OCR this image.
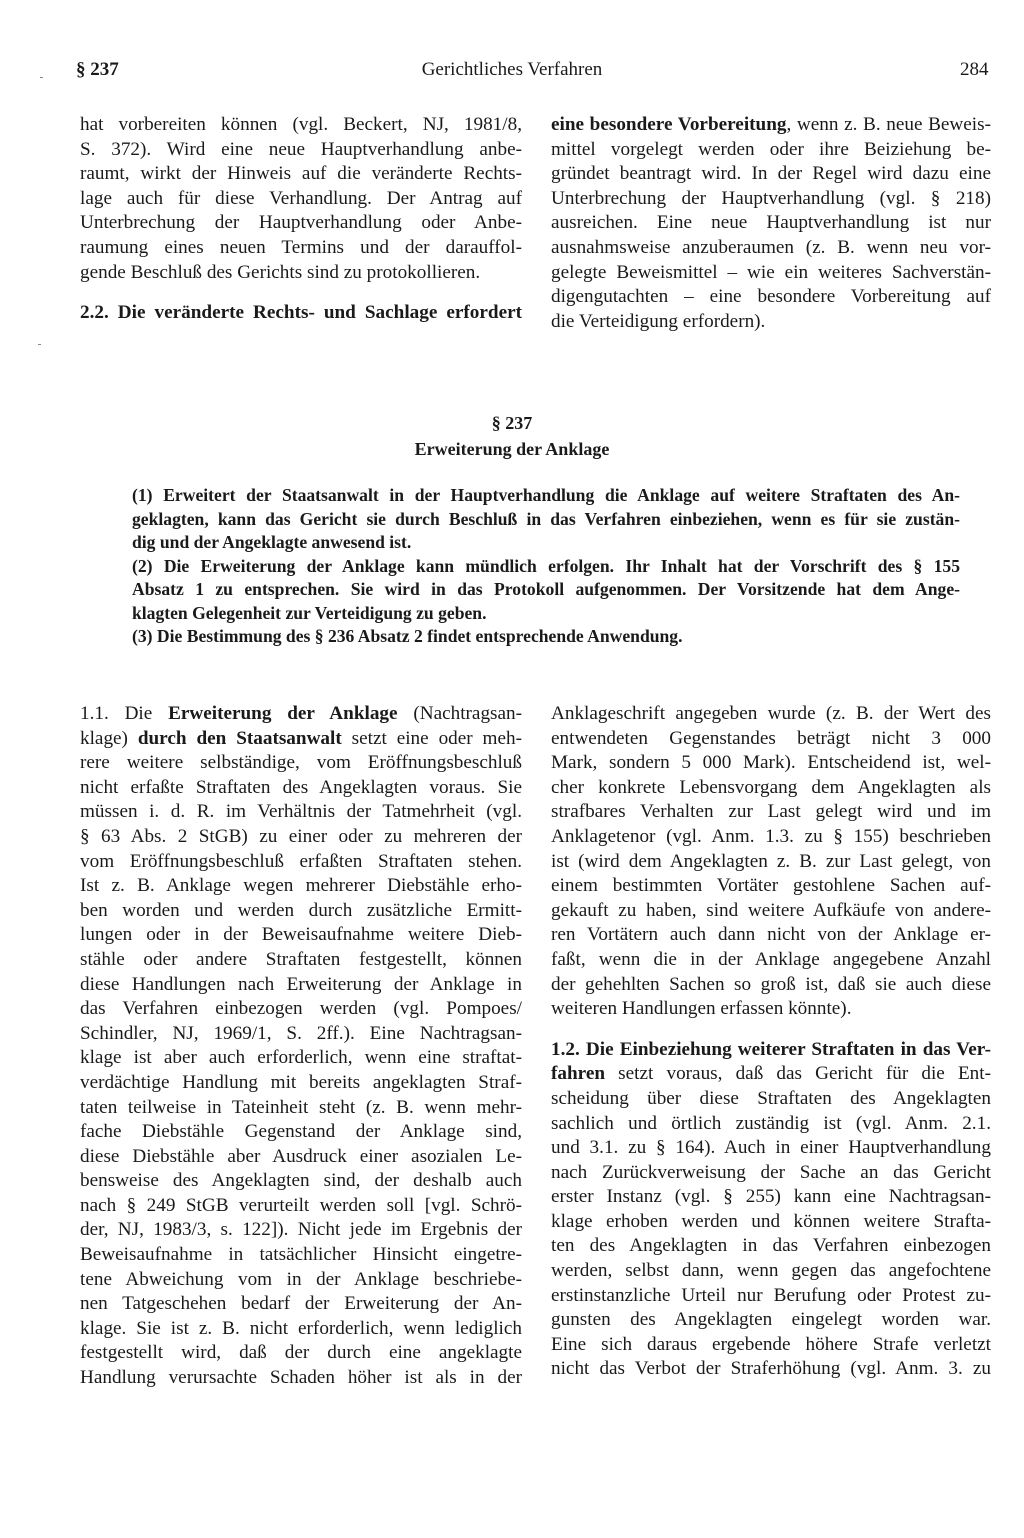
§ 237	Gerichtliches Verfahren	284

hat vorbereiten können (vgl. Beckert, NJ, 1981/8,

S. 372). Wird eine neue Hauptverhandlung anbe-

raumt, wirkt der Hinweis auf die veränderte Rechts-

lage auch für diese Verhandlung. Der Antrag auf

Unterbrechung der Hauptverhandlung oder Anbe-

raumung eines neuen Termins und der darauffol-

gende Beschluß des Gerichts sind zu protokollieren.

2.2. Die veränderte Rechts- und Sachlage erfordert

eine besondere Vorbereitung, wenn z. B. neue Beweis-

mittel vorgelegt werden oder ihre Beiziehung be-

gründet beantragt wird. In der Regel wird dazu eine

Unterbrechung der Hauptverhandlung (vgl. § 218)

ausreichen. Eine neue Hauptverhandlung ist nur

ausnahmsweise anzuberaumen (z. B. wenn neu vor-

gelegte Beweismittel – wie ein weiteres Sachverstän-

digengutachten – eine besondere Vorbereitung auf

die Verteidigung erfordern).

§ 237
Erweiterung der Anklage

(1) Erweitert der Staatsanwalt in der Hauptverhandlung die Anklage auf weitere Straftaten des An-

geklagten, kann das Gericht sie durch Beschluß in das Verfahren einbeziehen, wenn es für sie zustän-

dig und der Angeklagte anwesend ist.

(2) Die Erweiterung der Anklage kann mündlich erfolgen. Ihr Inhalt hat der Vorschrift des § 155

Absatz 1 zu entsprechen. Sie wird in das Protokoll aufgenommen. Der Vorsitzende hat dem Ange-

klagten Gelegenheit zur Verteidigung zu geben.

(3) Die Bestimmung des § 236 Absatz 2 findet entsprechende Anwendung.

1.1. Die Erweiterung der Anklage (Nachtragsan-

klage) durch den Staatsanwalt setzt eine oder meh-

rere weitere selbständige, vom Eröffnungsbeschluß

nicht erfaßte Straftaten des Angeklagten voraus. Sie

müssen i. d. R. im Verhältnis der Tatmehrheit (vgl.

§ 63 Abs. 2 StGB) zu einer oder zu mehreren der

vom Eröffnungsbeschluß erfaßten Straftaten stehen.

Ist z. B. Anklage wegen mehrerer Diebstähle erho-

ben worden und werden durch zusätzliche Ermitt-

lungen oder in der Beweisaufnahme weitere Dieb-

stähle oder andere Straftaten festgestellt, können

diese Handlungen nach Erweiterung der Anklage in

das Verfahren einbezogen werden (vgl. Pompoes/

Schindler, NJ, 1969/1, S. 2ff.). Eine Nachtragsan-

klage ist aber auch erforderlich, wenn eine straftat-

verdächtige Handlung mit bereits angeklagten Straf-

taten teilweise in Tateinheit steht (z. B. wenn mehr-

fache Diebstähle Gegenstand der Anklage sind,

diese Diebstähle aber Ausdruck einer asozialen Le-

bensweise des Angeklagten sind, der deshalb auch

nach § 249 StGB verurteilt werden soll [vgl. Schrö-

der, NJ, 1983/3, s. 122]). Nicht jede im Ergebnis der

Beweisaufnahme in tatsächlicher Hinsicht eingetre-

tene Abweichung vom in der Anklage beschriebe-

nen Tatgeschehen bedarf der Erweiterung der An-

klage. Sie ist z. B. nicht erforderlich, wenn lediglich

festgestellt wird, daß der durch eine angeklagte

Handlung verursachte Schaden höher ist als in der

Anklageschrift angegeben wurde (z. B. der Wert des

entwendeten Gegenstandes beträgt nicht 3 000

Mark, sondern 5 000 Mark). Entscheidend ist, wel-

cher konkrete Lebensvorgang dem Angeklagten als

strafbares Verhalten zur Last gelegt wird und im

Anklagetenor (vgl. Anm. 1.3. zu § 155) beschrieben

ist (wird dem Angeklagten z. B. zur Last gelegt, von

einem bestimmten Vortäter gestohlene Sachen auf-

gekauft zu haben, sind weitere Aufkäufe von andere-

ren Vortätern auch dann nicht von der Anklage er-

faßt, wenn die in der Anklage angegebene Anzahl

der gehehlten Sachen so groß ist, daß sie auch diese

weiteren Handlungen erfassen könnte).

1.2. Die Einbeziehung weiterer Straftaten in das Ver-

fahren setzt voraus, daß das Gericht für die Ent-

scheidung über diese Straftaten des Angeklagten

sachlich und örtlich zuständig ist (vgl. Anm. 2.1.

und 3.1. zu § 164). Auch in einer Hauptverhandlung

nach Zurückverweisung der Sache an das Gericht

erster Instanz (vgl. § 255) kann eine Nachtragsan-

klage erhoben werden und können weitere Strafta-

ten des Angeklagten in das Verfahren einbezogen

werden, selbst dann, wenn gegen das angefochtene

erstinstanzliche Urteil nur Berufung oder Protest zu-

gunsten des Angeklagten eingelegt worden war.

Eine sich daraus ergebende höhere Strafe verletzt

nicht das Verbot der Straferhöhung (vgl. Anm. 3. zu
